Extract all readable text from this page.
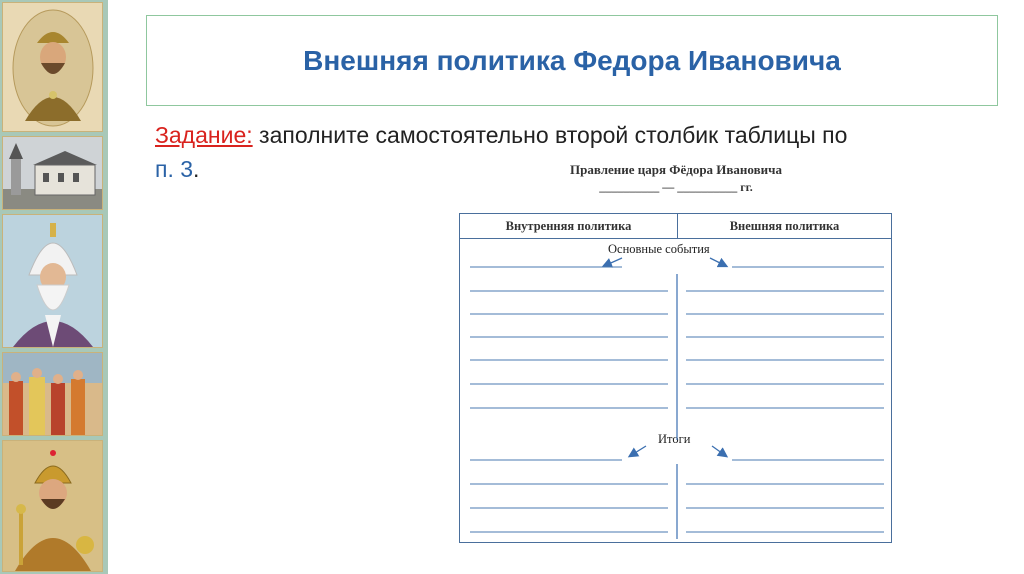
Внешняя политика Федора Ивановича
Задание: заполните самостоятельно второй столбик таблицы по
п. 3.	Правление царя Фёдора Ивановича
__________ — __________ гг.
Внутренняя политика	Внешняя политика
Основные события
Итоги
